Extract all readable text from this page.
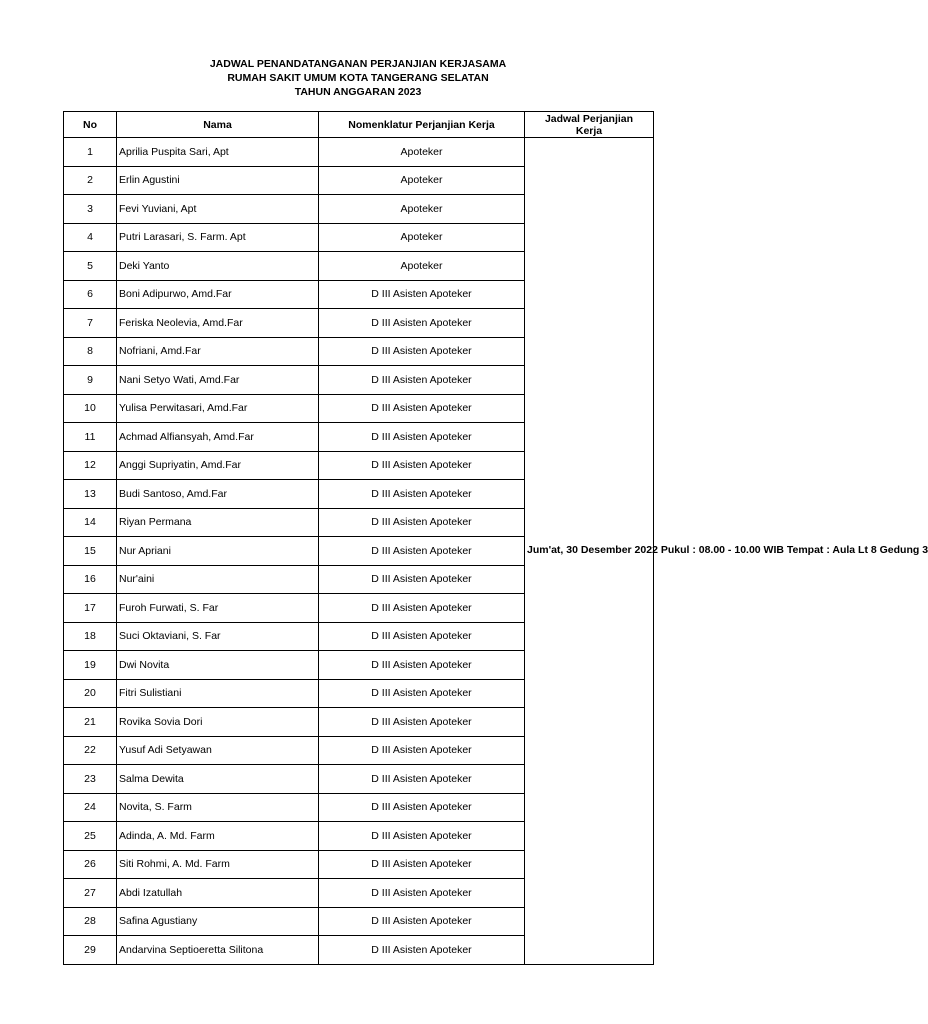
JADWAL PENANDATANGANAN PERJANJIAN KERJASAMA
RUMAH SAKIT UMUM KOTA TANGERANG SELATAN
TAHUN ANGGARAN 2023
No	Nama	Nomenklatur Perjanjian Kerja	Jadwal Perjanjian Kerja
1	Aprilia Puspita Sari, Apt	Apoteker	Jum'at, 30 Desember 2022 Pukul : 08.00 - 10.00 WIB Tempat : Aula Lt 8 Gedung 3

2	Erlin Agustini	Apoteker	
3	Fevi Yuviani, Apt	Apoteker	
4	Putri Larasari, S. Farm. Apt	Apoteker	
5	Deki Yanto	Apoteker	
6	Boni Adipurwo, Amd.Far	D III Asisten Apoteker	
7	Feriska Neolevia, Amd.Far	D III Asisten Apoteker	
8	Nofriani, Amd.Far	D III Asisten Apoteker	
9	Nani Setyo Wati, Amd.Far	D III Asisten Apoteker	
10	Yulisa Perwitasari, Amd.Far	D III Asisten Apoteker	
11	Achmad Alfiansyah, Amd.Far	D III Asisten Apoteker	
12	Anggi Supriyatin, Amd.Far	D III Asisten Apoteker	
13	Budi Santoso, Amd.Far	D III Asisten Apoteker	
14	Riyan Permana	D III Asisten Apoteker	
15	Nur Apriani	D III Asisten Apoteker	
16	Nur'aini	D III Asisten Apoteker	
17	Furoh Furwati, S. Far	D III Asisten Apoteker	
18	Suci Oktaviani, S. Far	D III Asisten Apoteker	
19	Dwi Novita	D III Asisten Apoteker	
20	Fitri Sulistiani	D III Asisten Apoteker	
21	Rovika Sovia Dori	D III Asisten Apoteker	
22	Yusuf Adi Setyawan	D III Asisten Apoteker	
23	Salma Dewita	D III Asisten Apoteker	
24	Novita, S. Farm	D III Asisten Apoteker	
25	Adinda, A. Md. Farm	D III Asisten Apoteker	
26	Siti Rohmi, A. Md. Farm	D III Asisten Apoteker	
27	Abdi Izatullah	D III Asisten Apoteker	
28	Safina Agustiany	D III Asisten Apoteker	
29	Andarvina Septioeretta Silitona	D III Asisten Apoteker	
